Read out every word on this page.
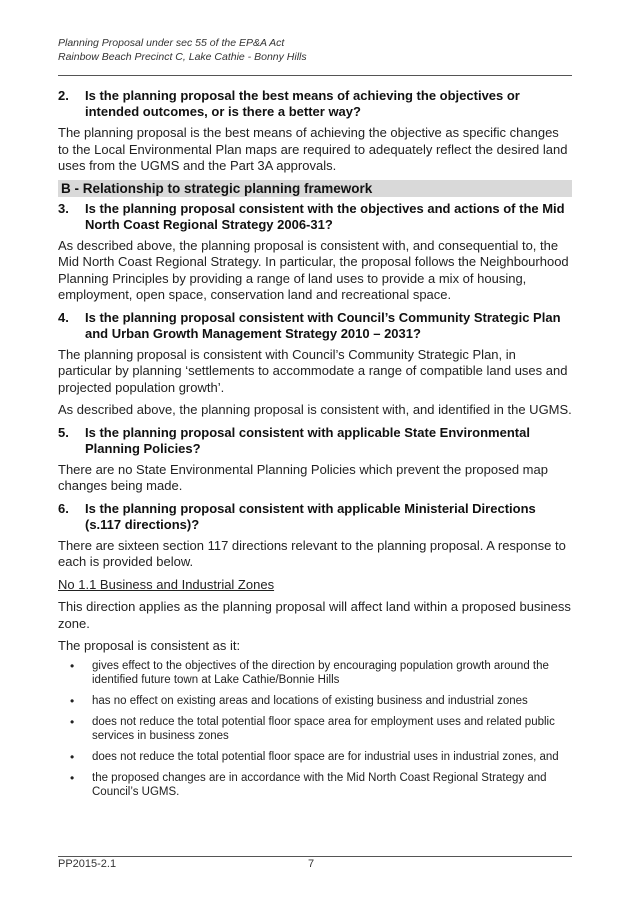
Planning Proposal under sec 55 of the EP&A Act
Rainbow Beach Precinct C, Lake Cathie - Bonny Hills
2.	Is the planning proposal the best means of achieving the objectives or intended outcomes, or is there a better way?

The planning proposal is the best means of achieving the objective as specific changes to the Local Environmental Plan maps are required to adequately reflect the desired land uses from the UGMS and the Part 3A approvals.

B - Relationship to strategic planning framework
3.	Is the planning proposal consistent with the objectives and actions of the Mid North Coast Regional Strategy 2006-31?

As described above, the planning proposal is consistent with, and consequential to, the Mid North Coast Regional Strategy. In particular, the proposal follows the Neighbourhood Planning Principles by providing a range of land uses to provide a mix of housing, employment, open space, conservation land and recreational space.

4.	Is the planning proposal consistent with Council’s Community Strategic Plan and Urban Growth Management Strategy 2010 – 2031?

The planning proposal is consistent with Council’s Community Strategic Plan, in particular by planning ‘settlements to accommodate a range of compatible land uses and projected population growth’.

As described above, the planning proposal is consistent with, and identified in the UGMS.

5.	Is the planning proposal consistent with applicable State Environmental Planning Policies?

There are no State Environmental Planning Policies which prevent the proposed map changes being made.

6.	Is the planning proposal consistent with applicable Ministerial Directions (s.117 directions)?

There are sixteen section 117 directions relevant to the planning proposal. A response to each is provided below.

No 1.1 Business and Industrial Zones

This direction applies as the planning proposal will affect land within a proposed business zone.

The proposal is consistent as it:

•	gives effect to the objectives of the direction by encouraging population growth around the identified future town at Lake Cathie/Bonnie Hills
•	has no effect on existing areas and locations of existing business and industrial zones
•	does not reduce the total potential floor space area for employment uses and related public services in business zones
•	does not reduce the total potential floor space are for industrial uses in industrial zones, and
•	the proposed changes are in accordance with the Mid North Coast Regional Strategy and Council’s UGMS.
PP2015-2.1	7
